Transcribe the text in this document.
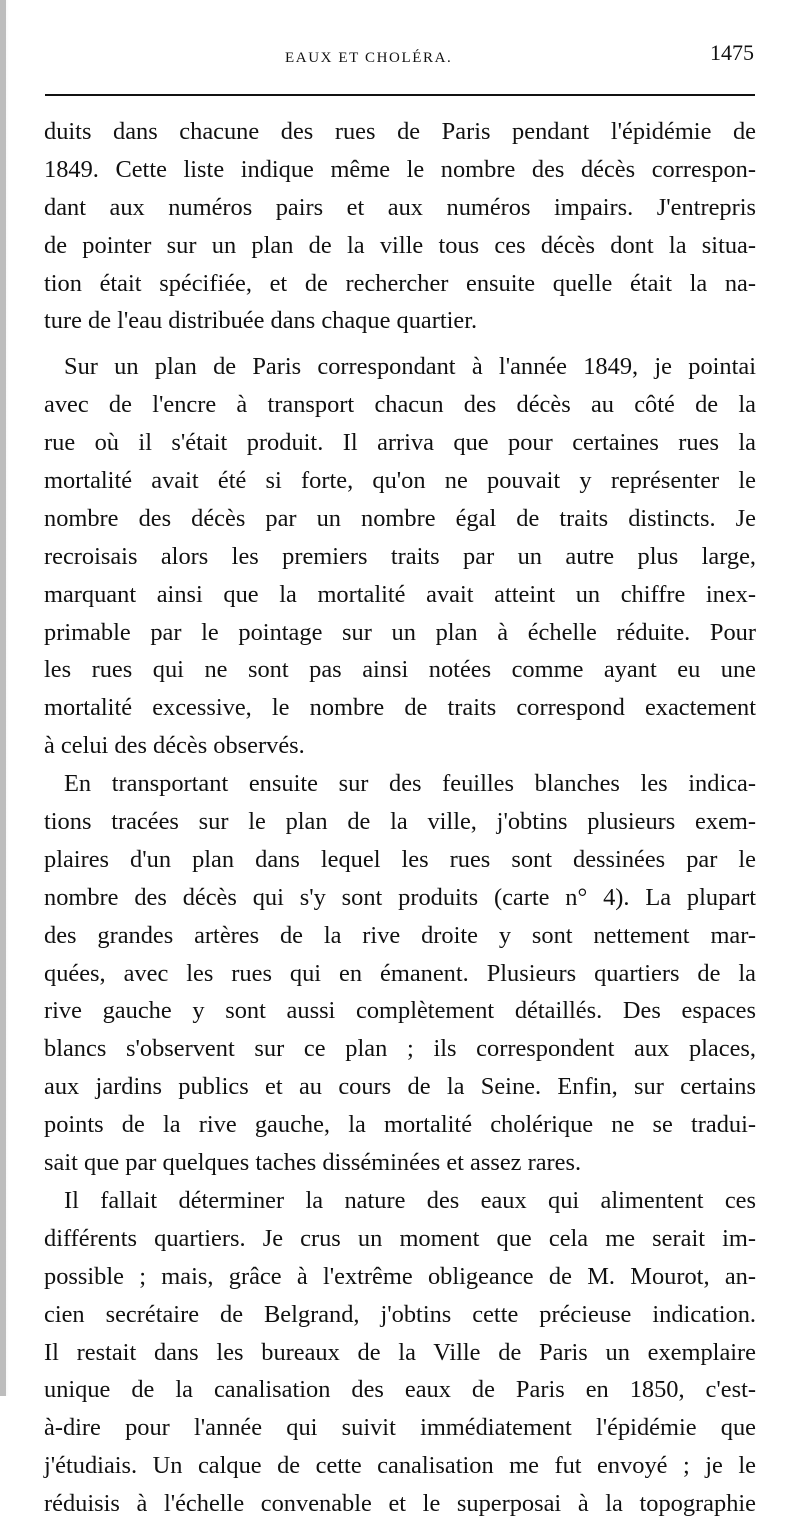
EAUX ET CHOLÉRA.	1475
duits dans chacune des rues de Paris pendant l'épidémie de
1849. Cette liste indique même le nombre des décès correspon-
dant aux numéros pairs et aux numéros impairs. J'entrepris
de pointer sur un plan de la ville tous ces décès dont la situa-
tion était spécifiée, et de rechercher ensuite quelle était la na-
ture de l'eau distribuée dans chaque quartier.
Sur un plan de Paris correspondant à l'année 1849, je pointai
avec de l'encre à transport chacun des décès au côté de la
rue où il s'était produit. Il arriva que pour certaines rues la
mortalité avait été si forte, qu'on ne pouvait y représenter le
nombre des décès par un nombre égal de traits distincts. Je
recroisais alors les premiers traits par un autre plus large,
marquant ainsi que la mortalité avait atteint un chiffre inex-
primable par le pointage sur un plan à échelle réduite. Pour
les rues qui ne sont pas ainsi notées comme ayant eu une
mortalité excessive, le nombre de traits correspond exactement
à celui des décès observés.
En transportant ensuite sur des feuilles blanches les indica-
tions tracées sur le plan de la ville, j'obtins plusieurs exem-
plaires d'un plan dans lequel les rues sont dessinées par le
nombre des décès qui s'y sont produits (carte n° 4). La plupart
des grandes artères de la rive droite y sont nettement mar-
quées, avec les rues qui en émanent. Plusieurs quartiers de la
rive gauche y sont aussi complètement détaillés. Des espaces
blancs s'observent sur ce plan ; ils correspondent aux places,
aux jardins publics et au cours de la Seine. Enfin, sur certains
points de la rive gauche, la mortalité cholérique ne se tradui-
sait que par quelques taches disséminées et assez rares.
Il fallait déterminer la nature des eaux qui alimentent ces
différents quartiers. Je crus un moment que cela me serait im-
possible ; mais, grâce à l'extrême obligeance de M. Mourot, an-
cien secrétaire de Belgrand, j'obtins cette précieuse indication.
Il restait dans les bureaux de la Ville de Paris un exemplaire
unique de la canalisation des eaux de Paris en 1850, c'est-
à-dire pour l'année qui suivit immédiatement l'épidémie que
j'étudiais. Un calque de cette canalisation me fut envoyé ; je le
réduisis à l'échelle convenable et le superposai à la topographie
